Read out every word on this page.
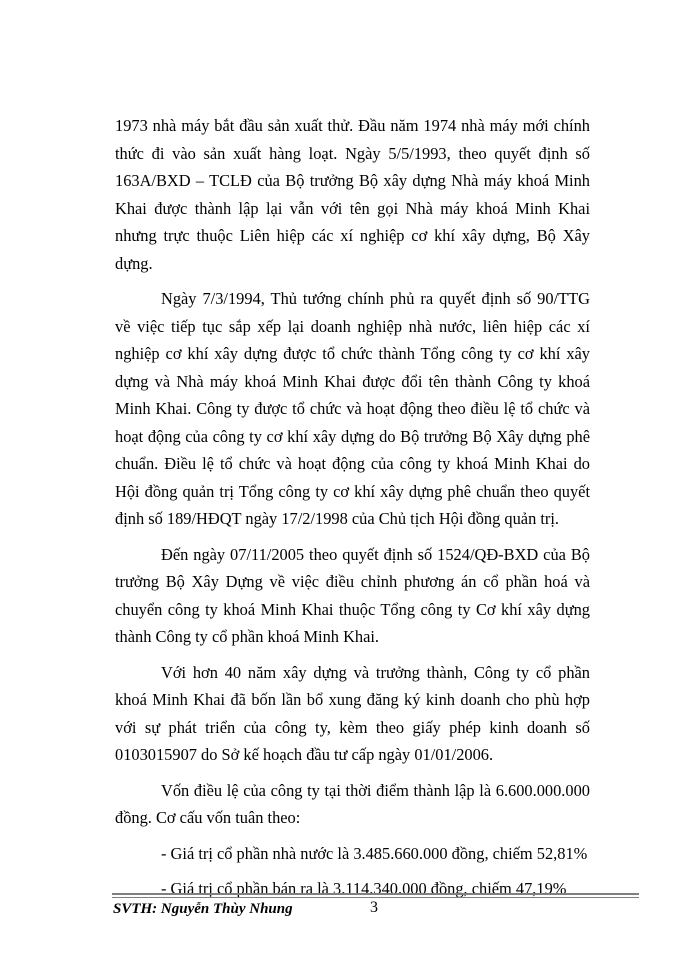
1973 nhà máy bắt đầu sản xuất thử. Đầu năm 1974 nhà máy mới chính thức đi vào sản xuất hàng loạt. Ngày 5/5/1993, theo quyết định số 163A/BXD – TCLĐ của Bộ trưởng Bộ xây dựng Nhà máy khoá Minh Khai được thành lập lại vẫn với tên gọi Nhà máy khoá Minh Khai nhưng trực thuộc Liên hiệp các xí nghiệp cơ khí xây dựng, Bộ Xây dựng.

Ngày 7/3/1994, Thủ tướng chính phủ ra quyết định số 90/TTG về việc tiếp tục sắp xếp lại doanh nghiệp nhà nước, liên hiệp các xí nghiệp cơ khí xây dựng được tổ chức thành Tổng công ty cơ khí xây dựng và Nhà máy khoá Minh Khai được đổi tên thành Công ty khoá Minh Khai. Công ty được tổ chức và hoạt động theo điều lệ tổ chức và hoạt động của công ty cơ khí xây dựng do Bộ trưởng Bộ Xây dựng phê chuẩn. Điều lệ tổ chức và hoạt động của công ty khoá Minh Khai do Hội đồng quản trị Tổng công ty cơ khí xây dựng phê chuẩn theo quyết định số 189/HĐQT ngày 17/2/1998 của Chủ tịch Hội đồng quản trị.

Đến ngày 07/11/2005 theo quyết định số 1524/QĐ-BXD của Bộ trưởng Bộ Xây Dựng về việc điều chỉnh phương án cổ phần hoá và chuyển công ty khoá Minh Khai thuộc Tổng công ty Cơ khí xây dựng thành Công ty cổ phần khoá Minh Khai.

Với hơn 40 năm xây dựng và trưởng thành, Công ty cổ phần khoá Minh Khai đã bốn lần bổ xung đăng ký kinh doanh cho phù hợp với sự phát triển của công ty, kèm theo giấy phép kinh doanh số 0103015907 do Sở kế hoạch đầu tư cấp ngày 01/01/2006.

Vốn điều lệ của công ty tại thời điểm thành lập là 6.600.000.000 đồng. Cơ cấu vốn tuân theo:

- Giá trị cổ phần nhà nước là 3.485.660.000 đồng, chiếm 52,81%

- Giá trị cổ phần bán ra là 3.114.340.000 đồng, chiếm 47,19%

SVTH: Nguyễn Thùy Nhung	3
